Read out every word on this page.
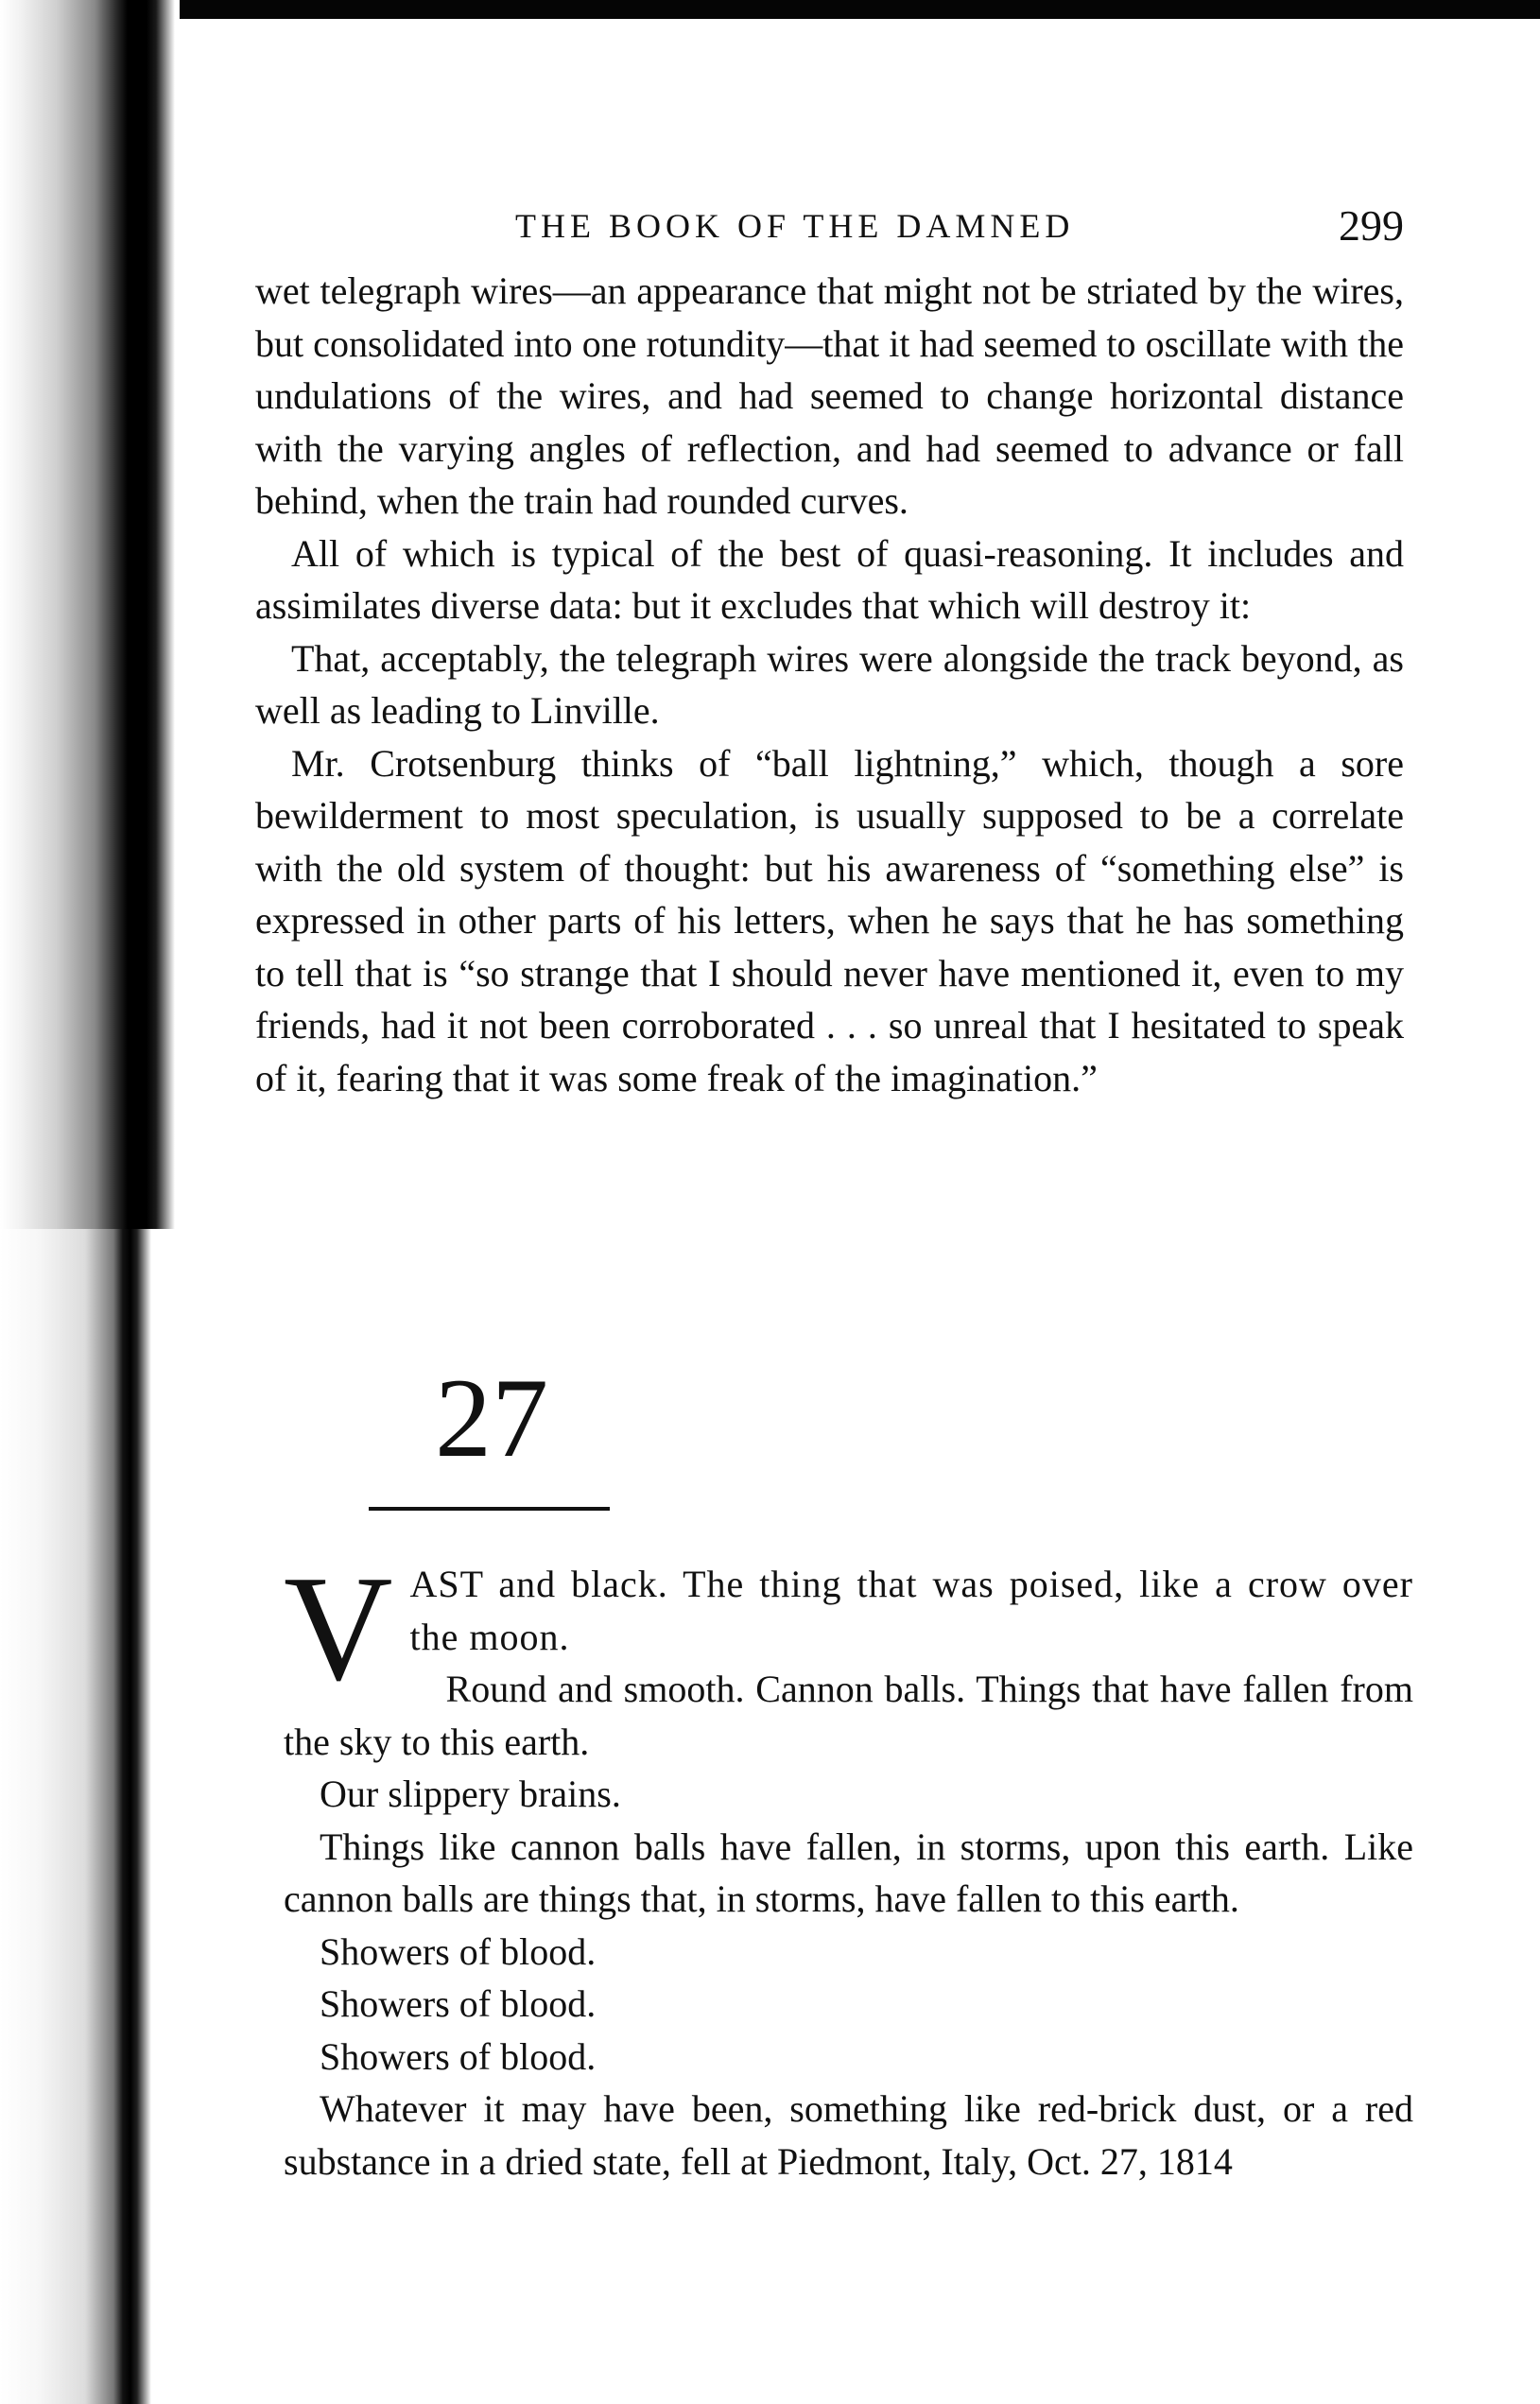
THE BOOK OF THE DAMNED	299

wet telegraph wires—an appearance that might not be striated by the wires, but consolidated into one rotundity—that it had seemed to oscillate with the undulations of the wires, and had seemed to change horizontal distance with the varying angles of reflection, and had seemed to advance or fall behind, when the train had rounded curves.

All of which is typical of the best of quasi-reasoning. It includes and assimilates diverse data: but it excludes that which will destroy it:

That, acceptably, the telegraph wires were alongside the track beyond, as well as leading to Linville.

Mr. Crotsenburg thinks of “ball lightning,” which, though a sore bewilderment to most speculation, is usually supposed to be a correlate with the old system of thought: but his awareness of “something else” is expressed in other parts of his letters, when he says that he has something to tell that is “so strange that I should never have mentioned it, even to my friends, had it not been corroborated . . . so unreal that I hesitated to speak of it, fearing that it was some freak of the imagination.”

27
V AST and black. The thing that was poised, like a crow over the moon.

Round and smooth. Cannon balls. Things that have fallen from the sky to this earth.

Our slippery brains.

Things like cannon balls have fallen, in storms, upon this earth. Like cannon balls are things that, in storms, have fallen to this earth.

Showers of blood.

Showers of blood.

Showers of blood.

Whatever it may have been, something like red-brick dust, or a red substance in a dried state, fell at Piedmont, Italy, Oct. 27, 1814
